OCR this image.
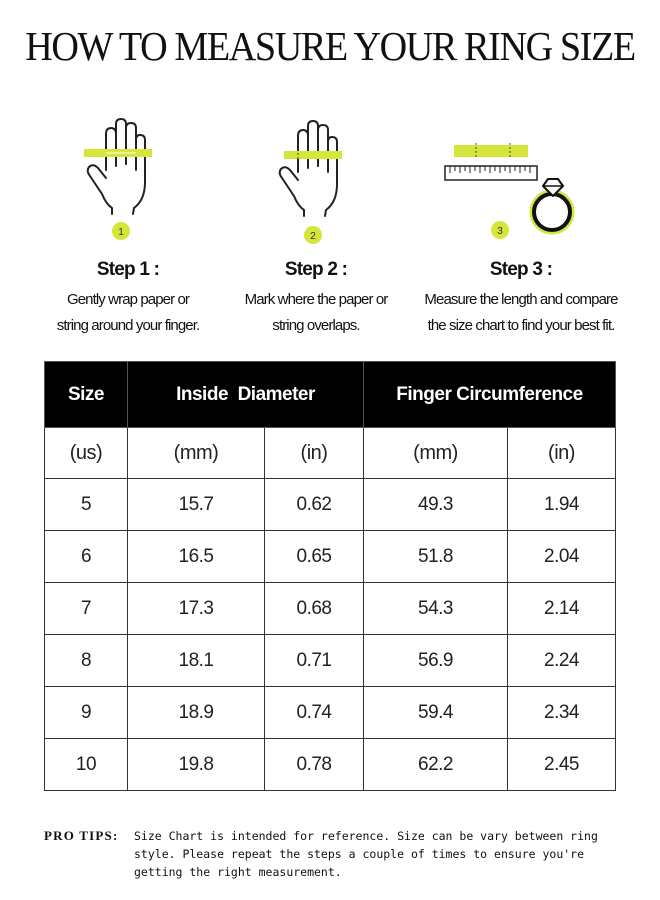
HOW TO MEASURE YOUR RING SIZE
1	2	3
Step 1 :
Gently wrap paper or
string around your finger.
Step 2 :
Mark where the paper or
string overlaps.
Step 3 :
Measure the length and compare
the size chart to find your best fit.
Size	Inside  Diameter		Finger Circumference	
(us)	(mm)	(in)	(mm)	(in)
5	15.7	0.62	49.3	1.94
6	16.5	0.65	51.8	2.04
7	17.3	0.68	54.3	2.14
8	18.1	0.71	56.9	2.24
9	18.9	0.74	59.4	2.34
10	19.8	0.78	62.2	2.45
PRO TIPS: Size Chart is intended for reference. Size can be vary between ring style. Please repeat the steps a couple of times to ensure you're getting the right measurement.
